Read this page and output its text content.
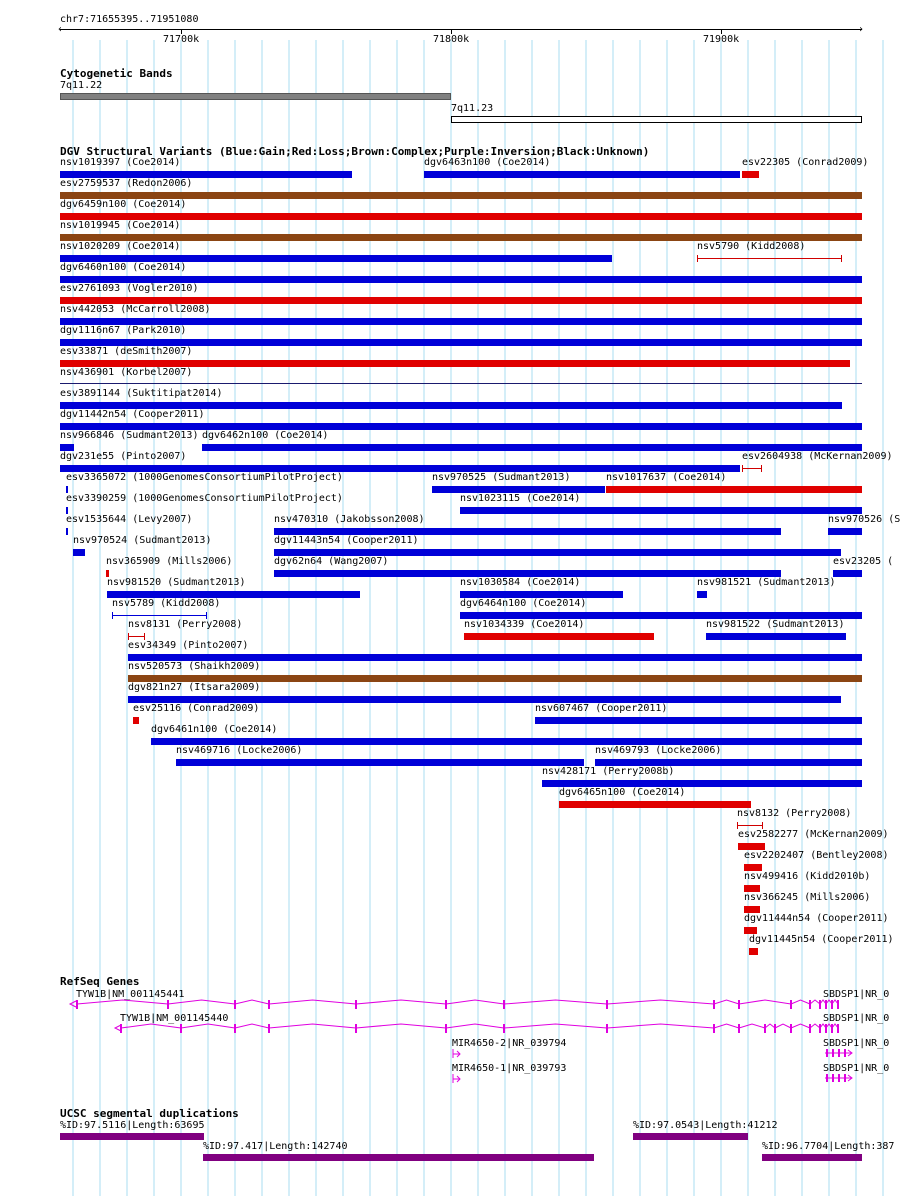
chr7:71655395..71951080
‹	›
71700k	71800k	71900k
Cytogenetic Bands
7q11.22
7q11.23
DGV Structural Variants (Blue:Gain;Red:Loss;Brown:Complex;Purple:Inversion;Black:Unknown)
nsv1019397 (Coe2014)	dgv6463n100 (Coe2014)	esv22305 (Conrad2009)
esv2759537 (Redon2006)
dgv6459n100 (Coe2014)
nsv1019945 (Coe2014)
nsv1020209 (Coe2014)	nsv5790 (Kidd2008)
dgv6460n100 (Coe2014)
esv2761093 (Vogler2010)
nsv442053 (McCarroll2008)
dgv1116n67 (Park2010)
esv33871 (deSmith2007)
nsv436901 (Korbel2007)
esv3891144 (Suktitipat2014)
dgv11442n54 (Cooper2011)
nsv966846 (Sudmant2013) dgv6462n100 (Coe2014)
dgv231e55 (Pinto2007)	esv2604938 (McKernan2009)
esv3365072 (1000GenomesConsortiumPilotProject)	nsv970525 (Sudmant2013)	nsv1017637 (Coe2014)
esv3390259 (1000GenomesConsortiumPilotProject)	nsv1023115 (Coe2014)
esv1535644 (Levy2007)	nsv470310 (Jakobsson2008)	nsv970526 (S
nsv970524 (Sudmant2013)	dgv11443n54 (Cooper2011)
nsv365909 (Mills2006)	dgv62n64 (Wang2007)	esv23205 (
nsv981520 (Sudmant2013)	nsv1030584 (Coe2014)	nsv981521 (Sudmant2013)
nsv5789 (Kidd2008)	dgv6464n100 (Coe2014)
nsv8131 (Perry2008)	nsv1034339 (Coe2014)	nsv981522 (Sudmant2013)
esv34349 (Pinto2007)
nsv520573 (Shaikh2009)
dgv821n27 (Itsara2009)
esv25116 (Conrad2009)	nsv607467 (Cooper2011)
dgv6461n100 (Coe2014)
nsv469716 (Locke2006)	nsv469793 (Locke2006)
nsv428171 (Perry2008b)
dgv6465n100 (Coe2014)
nsv8132 (Perry2008)
esv2582277 (McKernan2009)
esv2202407 (Bentley2008)
nsv499416 (Kidd2010b)
nsv366245 (Mills2006)
dgv11444n54 (Cooper2011)
dgv11445n54 (Cooper2011)
RefSeq Genes
TYW1B|NM_001145441
TYW1B|NM_001145440
MIR4650-2|NR_039794
MIR4650-1|NR_039793
SBDSP1|NR_0
SBDSP1|NR_0
SBDSP1|NR_0
SBDSP1|NR_0
UCSC segmental duplications
%ID:97.5116|Length:63695	%ID:97.0543|Length:41212
%ID:97.417|Length:142740	%ID:96.7704|Length:387
